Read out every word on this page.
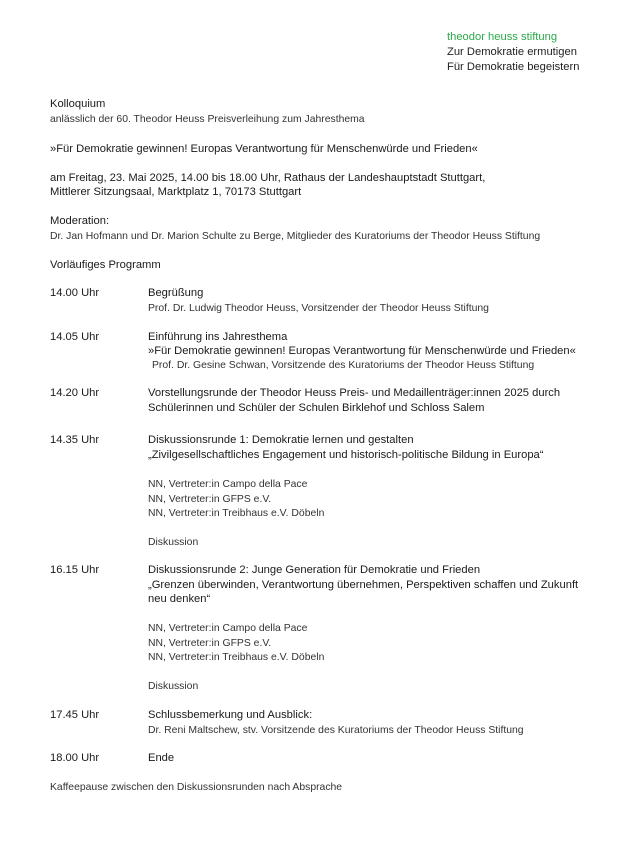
theodor heuss stiftung
Zur Demokratie ermutigen
Für Demokratie begeistern
Kolloquium
anlässlich der 60. Theodor Heuss Preisverleihung zum Jahresthema
»Für Demokratie gewinnen! Europas Verantwortung für Menschenwürde und Frieden«
am Freitag, 23. Mai 2025, 14.00 bis 18.00 Uhr, Rathaus der Landeshauptstadt Stuttgart,
Mittlerer Sitzungsaal, Marktplatz 1, 70173 Stuttgart
Moderation:
Dr. Jan Hofmann und Dr. Marion Schulte zu Berge, Mitglieder des Kuratoriums der Theodor Heuss Stiftung
Vorläufiges Programm
14.00 Uhr	Begrüßung
Prof. Dr. Ludwig Theodor Heuss, Vorsitzender der Theodor Heuss Stiftung
14.05 Uhr	Einführung ins Jahresthema
»Für Demokratie gewinnen! Europas Verantwortung für Menschenwürde und Frieden«
Prof. Dr. Gesine Schwan, Vorsitzende des Kuratoriums der Theodor Heuss Stiftung
14.20 Uhr	Vorstellungsrunde der Theodor Heuss Preis- und Medaillenträger:innen 2025 durch
Schülerinnen und Schüler der Schulen Birklehof und Schloss Salem
14.35 Uhr	Diskussionsrunde 1: Demokratie lernen und gestalten
„Zivilgesellschaftliches Engagement und historisch-politische Bildung in Europa“
NN, Vertreter:in Campo della Pace
NN, Vertreter:in GFPS e.V.
NN, Vertreter:in Treibhaus e.V. Döbeln
Diskussion
16.15 Uhr	Diskussionsrunde 2: Junge Generation für Demokratie und Frieden
„Grenzen überwinden, Verantwortung übernehmen, Perspektiven schaffen und Zukunft
neu denken“
NN, Vertreter:in Campo della Pace
NN, Vertreter:in GFPS e.V.
NN, Vertreter:in Treibhaus e.V. Döbeln
Diskussion
17.45 Uhr	Schlussbemerkung und Ausblick:
Dr. Reni Maltschew, stv. Vorsitzende des Kuratoriums der Theodor Heuss Stiftung
18.00 Uhr	Ende
Kaffeepause zwischen den Diskussionsrunden nach Absprache
